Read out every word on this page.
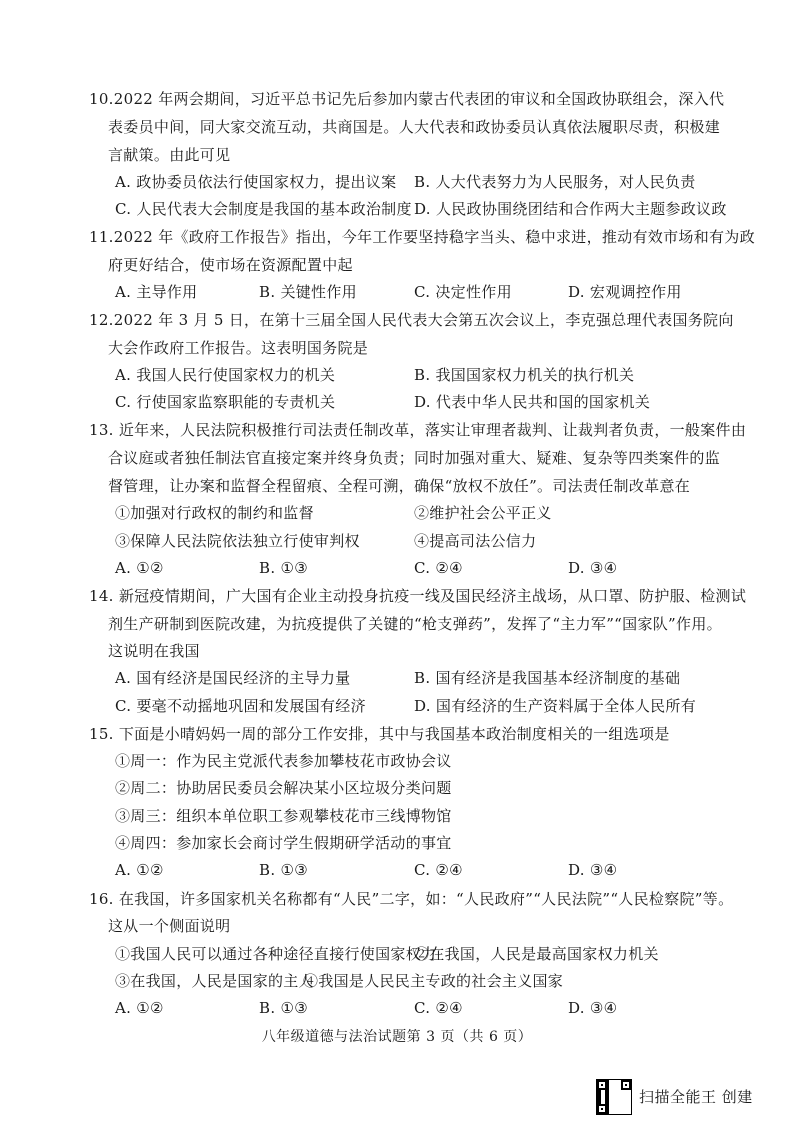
10.2022 年两会期间，习近平总书记先后参加内蒙古代表团的审议和全国政协联组会，深入代
表委员中间，同大家交流互动，共商国是。人大代表和政协委员认真依法履职尽责，积极建
言献策。由此可见
A. 政协委员依法行使国家权力，提出议案 B. 人大代表努力为人民服务，对人民负责
C. 人民代表大会制度是我国的基本政治制度 D. 人民政协围绕团结和合作两大主题参政议政
11.2022 年《政府工作报告》指出，今年工作要坚持稳字当头、稳中求进，推动有效市场和有为政
府更好结合，使市场在资源配置中起
A. 主导作用	B. 关键性作用	C. 决定性作用	D. 宏观调控作用
12.2022 年 3 月 5 日，在第十三届全国人民代表大会第五次会议上，李克强总理代表国务院向
大会作政府工作报告。这表明国务院是
A. 我国人民行使国家权力的机关	B. 我国国家权力机关的执行机关
C. 行使国家监察职能的专责机关	D. 代表中华人民共和国的国家机关
13. 近年来，人民法院积极推行司法责任制改革，落实让审理者裁判、让裁判者负责，一般案件由
合议庭或者独任制法官直接定案并终身负责；同时加强对重大、疑难、复杂等四类案件的监
督管理，让办案和监督全程留痕、全程可溯，确保“放权不放任”。司法责任制改革意在
①加强对行政权的制约和监督	②维护社会公平正义
③保障人民法院依法独立行使审判权	④提高司法公信力
A. ①②	B. ①③	C. ②④	D. ③④
14. 新冠疫情期间，广大国有企业主动投身抗疫一线及国民经济主战场，从口罩、防护服、检测试
剂生产研制到医院改建，为抗疫提供了关键的“枪支弹药”，发挥了“主力军”“国家队”作用。
这说明在我国
A. 国有经济是国民经济的主导力量	B. 国有经济是我国基本经济制度的基础
C. 要毫不动摇地巩固和发展国有经济	D. 国有经济的生产资料属于全体人民所有
15. 下面是小晴妈妈一周的部分工作安排，其中与我国基本政治制度相关的一组选项是
①周一：作为民主党派代表参加攀枝花市政协会议
②周二：协助居民委员会解决某小区垃圾分类问题
③周三：组织本单位职工参观攀枝花市三线博物馆
④周四：参加家长会商讨学生假期研学活动的事宜
A. ①②	B. ①③	C. ②④	D. ③④
16. 在我国，许多国家机关名称都有“人民”二字，如：“人民政府”“人民法院”“人民检察院”等。
这从一个侧面说明
①我国人民可以通过各种途径直接行使国家权力
②在我国，人民是最高国家权力机关
③在我国，人民是国家的主人
④我国是人民民主专政的社会主义国家
A. ①②	B. ①③	C. ②④	D. ③④
八年级道德与法治试题第 3 页（共 6 页）
扫描全能王 创建
